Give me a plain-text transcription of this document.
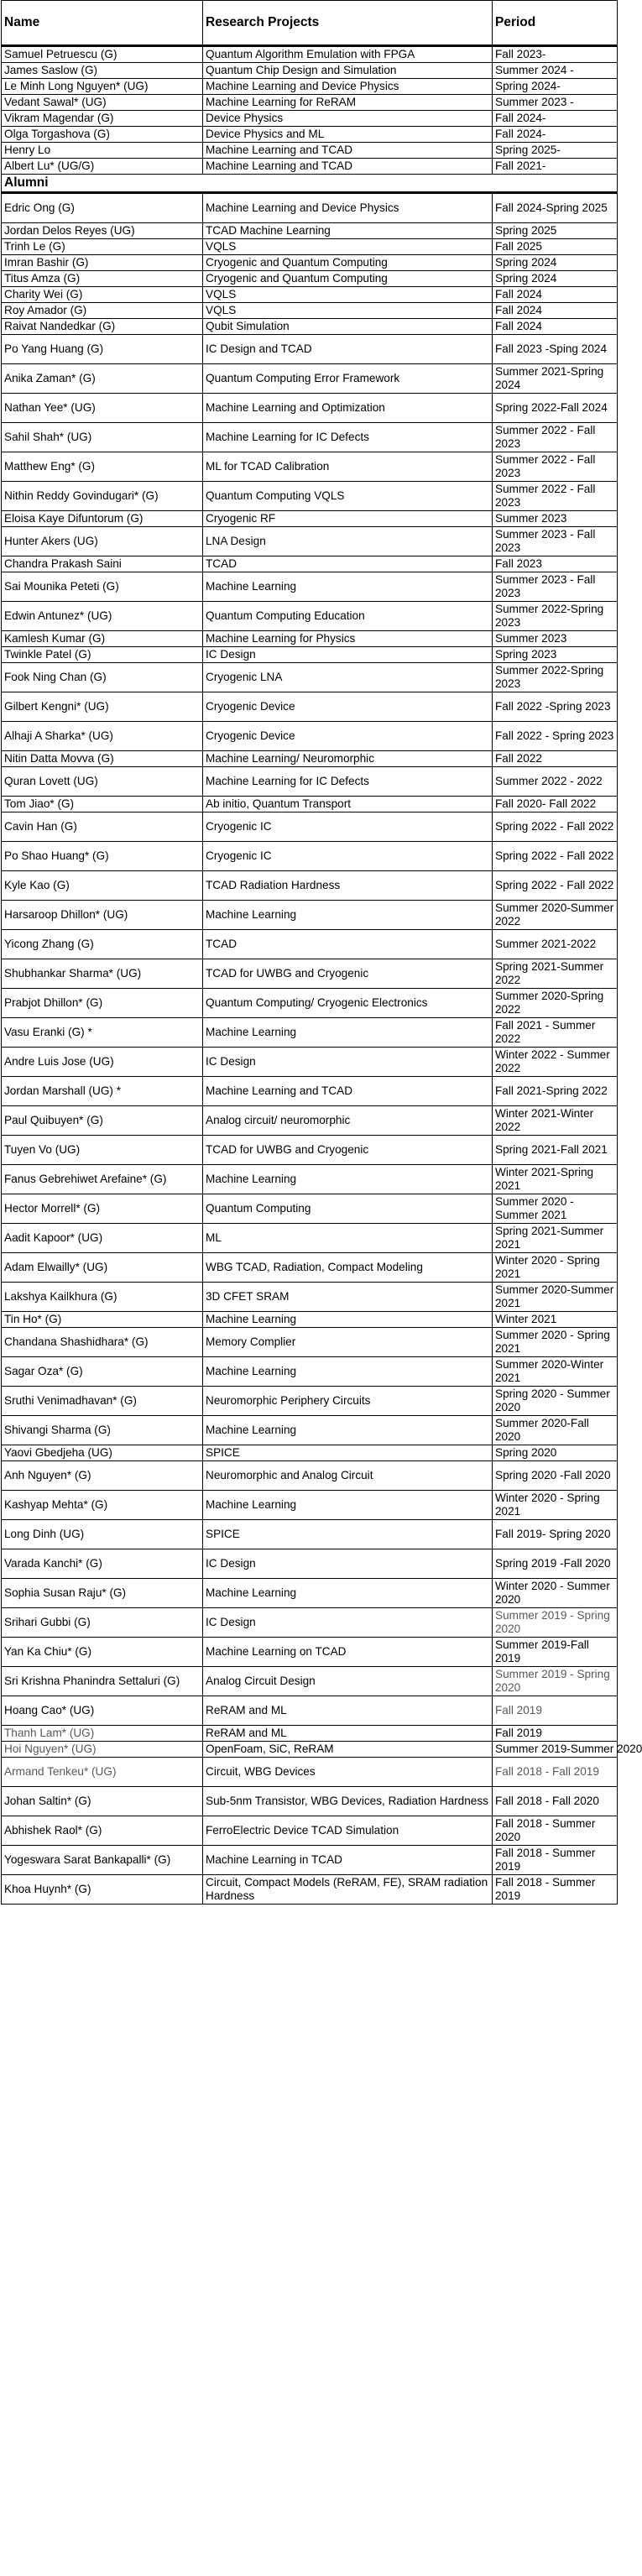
Name	Research Projects	Period
Samuel Petruescu (G)	Quantum Algorithm Emulation with FPGA	Fall 2023-
James Saslow (G)	Quantum Chip Design and Simulation	Summer 2024 -
Le Minh Long Nguyen* (UG)	Machine Learning and Device Physics	Spring 2024-
Vedant Sawal* (UG)	Machine Learning for ReRAM	Summer 2023 -
Vikram Magendar (G)	Device Physics	Fall 2024-
Olga Torgashova (G)	Device Physics and ML	Fall 2024-
Henry Lo	Machine Learning and TCAD	Spring 2025-
Albert Lu* (UG/G)	Machine Learning and TCAD	Fall 2021-
Alumni		
Edric Ong (G)	Machine Learning and Device Physics	Fall 2024-Spring 2025
Jordan Delos Reyes (UG)	TCAD Machine Learning	Spring 2025
Trinh Le (G)	VQLS	Fall 2025
Imran Bashir (G)	Cryogenic and Quantum Computing	Spring 2024
Titus Amza (G)	Cryogenic and Quantum Computing	Spring 2024
Charity Wei (G)	VQLS	Fall 2024
Roy Amador (G)	VQLS	Fall 2024
Raivat Nandedkar (G)	Qubit Simulation	Fall 2024
Po Yang Huang (G)	IC Design and TCAD	Fall 2023 -Sping 2024
Anika Zaman* (G)	Quantum Computing Error Framework	Summer 2021-Spring 2024
Nathan Yee* (UG)	Machine Learning and Optimization	Spring 2022-Fall 2024
Sahil Shah* (UG)	Machine Learning for IC Defects	Summer 2022 - Fall 2023
Matthew Eng* (G)	ML for TCAD Calibration	Summer 2022 - Fall 2023
Nithin Reddy Govindugari* (G)	Quantum Computing VQLS	Summer 2022 - Fall 2023
Eloisa Kaye Difuntorum (G)	Cryogenic RF	Summer 2023
Hunter Akers (UG)	LNA Design	Summer 2023 - Fall 2023
Chandra Prakash Saini	TCAD	Fall 2023
Sai Mounika Peteti (G)	Machine Learning	Summer 2023 - Fall 2023
Edwin Antunez* (UG)	Quantum Computing Education	Summer 2022-Spring 2023
Kamlesh Kumar (G)	Machine Learning for Physics	Summer 2023
Twinkle Patel (G)	IC Design	Spring 2023
Fook Ning Chan (G)	Cryogenic LNA	Summer 2022-Spring 2023
Gilbert Kengni* (UG)	Cryogenic Device	Fall 2022 -Spring 2023
Alhaji A Sharka* (UG)	Cryogenic Device	Fall 2022 - Spring 2023
Nitin Datta Movva (G)	Machine Learning/ Neuromorphic	Fall 2022
Quran Lovett (UG)	Machine Learning for IC Defects	Summer 2022 - 2022
Tom Jiao* (G)	Ab initio, Quantum Transport	Fall 2020- Fall 2022
Cavin Han (G)	Cryogenic IC	Spring 2022 - Fall 2022
Po Shao Huang* (G)	Cryogenic IC	Spring 2022 - Fall 2022
Kyle Kao (G)	TCAD Radiation Hardness	Spring 2022 - Fall 2022
Harsaroop Dhillon* (UG)	Machine Learning	Summer 2020-Summer 2022
Yicong Zhang (G)	TCAD	Summer 2021-2022
Shubhankar Sharma* (UG)	TCAD for UWBG and Cryogenic	Spring 2021-Summer 2022
Prabjot Dhillon* (G)	Quantum Computing/ Cryogenic Electronics	Summer 2020-Spring 2022
Vasu Eranki (G) *	Machine Learning	Fall 2021 - Summer 2022
Andre Luis Jose (UG)	IC Design	Winter 2022 - Summer 2022
Jordan Marshall (UG) *	Machine Learning and TCAD	Fall 2021-Spring 2022
Paul Quibuyen* (G)	Analog circuit/ neuromorphic	Winter 2021-Winter 2022
Tuyen Vo (UG)	TCAD for UWBG and Cryogenic	Spring 2021-Fall 2021
Fanus Gebrehiwet Arefaine* (G)	Machine Learning	Winter 2021-Spring 2021
Hector Morrell* (G)	Quantum Computing	Summer 2020 - Summer 2021
Aadit Kapoor* (UG)	ML	Spring 2021-Summer 2021
Adam Elwailly* (UG)	WBG TCAD, Radiation, Compact Modeling	Winter 2020 - Spring 2021
Lakshya Kailkhura (G)	3D CFET SRAM	Summer 2020-Summer 2021
Tin Ho* (G)	Machine Learning	Winter 2021
Chandana Shashidhara* (G)	Memory Complier	Summer 2020 - Spring 2021
Sagar Oza* (G)	Machine Learning	Summer 2020-Winter 2021
Sruthi Venimadhavan* (G)	Neuromorphic Periphery Circuits	Spring 2020 - Summer 2020
Shivangi Sharma (G)	Machine Learning	Summer 2020-Fall 2020
Yaovi Gbedjeha (UG)	SPICE	Spring 2020
Anh Nguyen* (G)	Neuromorphic and Analog Circuit	Spring 2020 -Fall 2020
Kashyap Mehta* (G)	Machine Learning	Winter 2020 - Spring 2021
Long Dinh (UG)	SPICE	Fall 2019- Spring 2020
Varada Kanchi* (G)	IC Design	Spring 2019 -Fall 2020
Sophia Susan Raju* (G)	Machine Learning	Winter 2020 - Summer 2020
Srihari Gubbi (G)	IC Design	Summer 2019 - Spring 2020
Yan Ka Chiu* (G)	Machine Learning on TCAD	Summer 2019-Fall 2019
Sri Krishna Phanindra Settaluri (G)	Analog Circuit Design	Summer 2019 - Spring 2020
Hoang Cao* (UG)	ReRAM and ML	Fall 2019
Thanh Lam* (UG)	ReRAM and ML	Fall 2019
Hoi Nguyen* (UG)	OpenFoam, SiC, ReRAM	Summer 2019-Summer 2020
Armand Tenkeu* (UG)	Circuit, WBG Devices	Fall 2018 - Fall 2019
Johan Saltin* (G)	Sub-5nm Transistor, WBG Devices, Radiation Hardness	Fall 2018 - Fall 2020
Abhishek Raol* (G)	FerroElectric Device TCAD Simulation	Fall 2018 - Summer 2020
Yogeswara Sarat Bankapalli* (G)	Machine Learning in TCAD	Fall 2018 - Summer 2019
Khoa Huynh* (G)	Circuit, Compact Models (ReRAM, FE), SRAM radiation Hardness	Fall 2018 - Summer 2019
